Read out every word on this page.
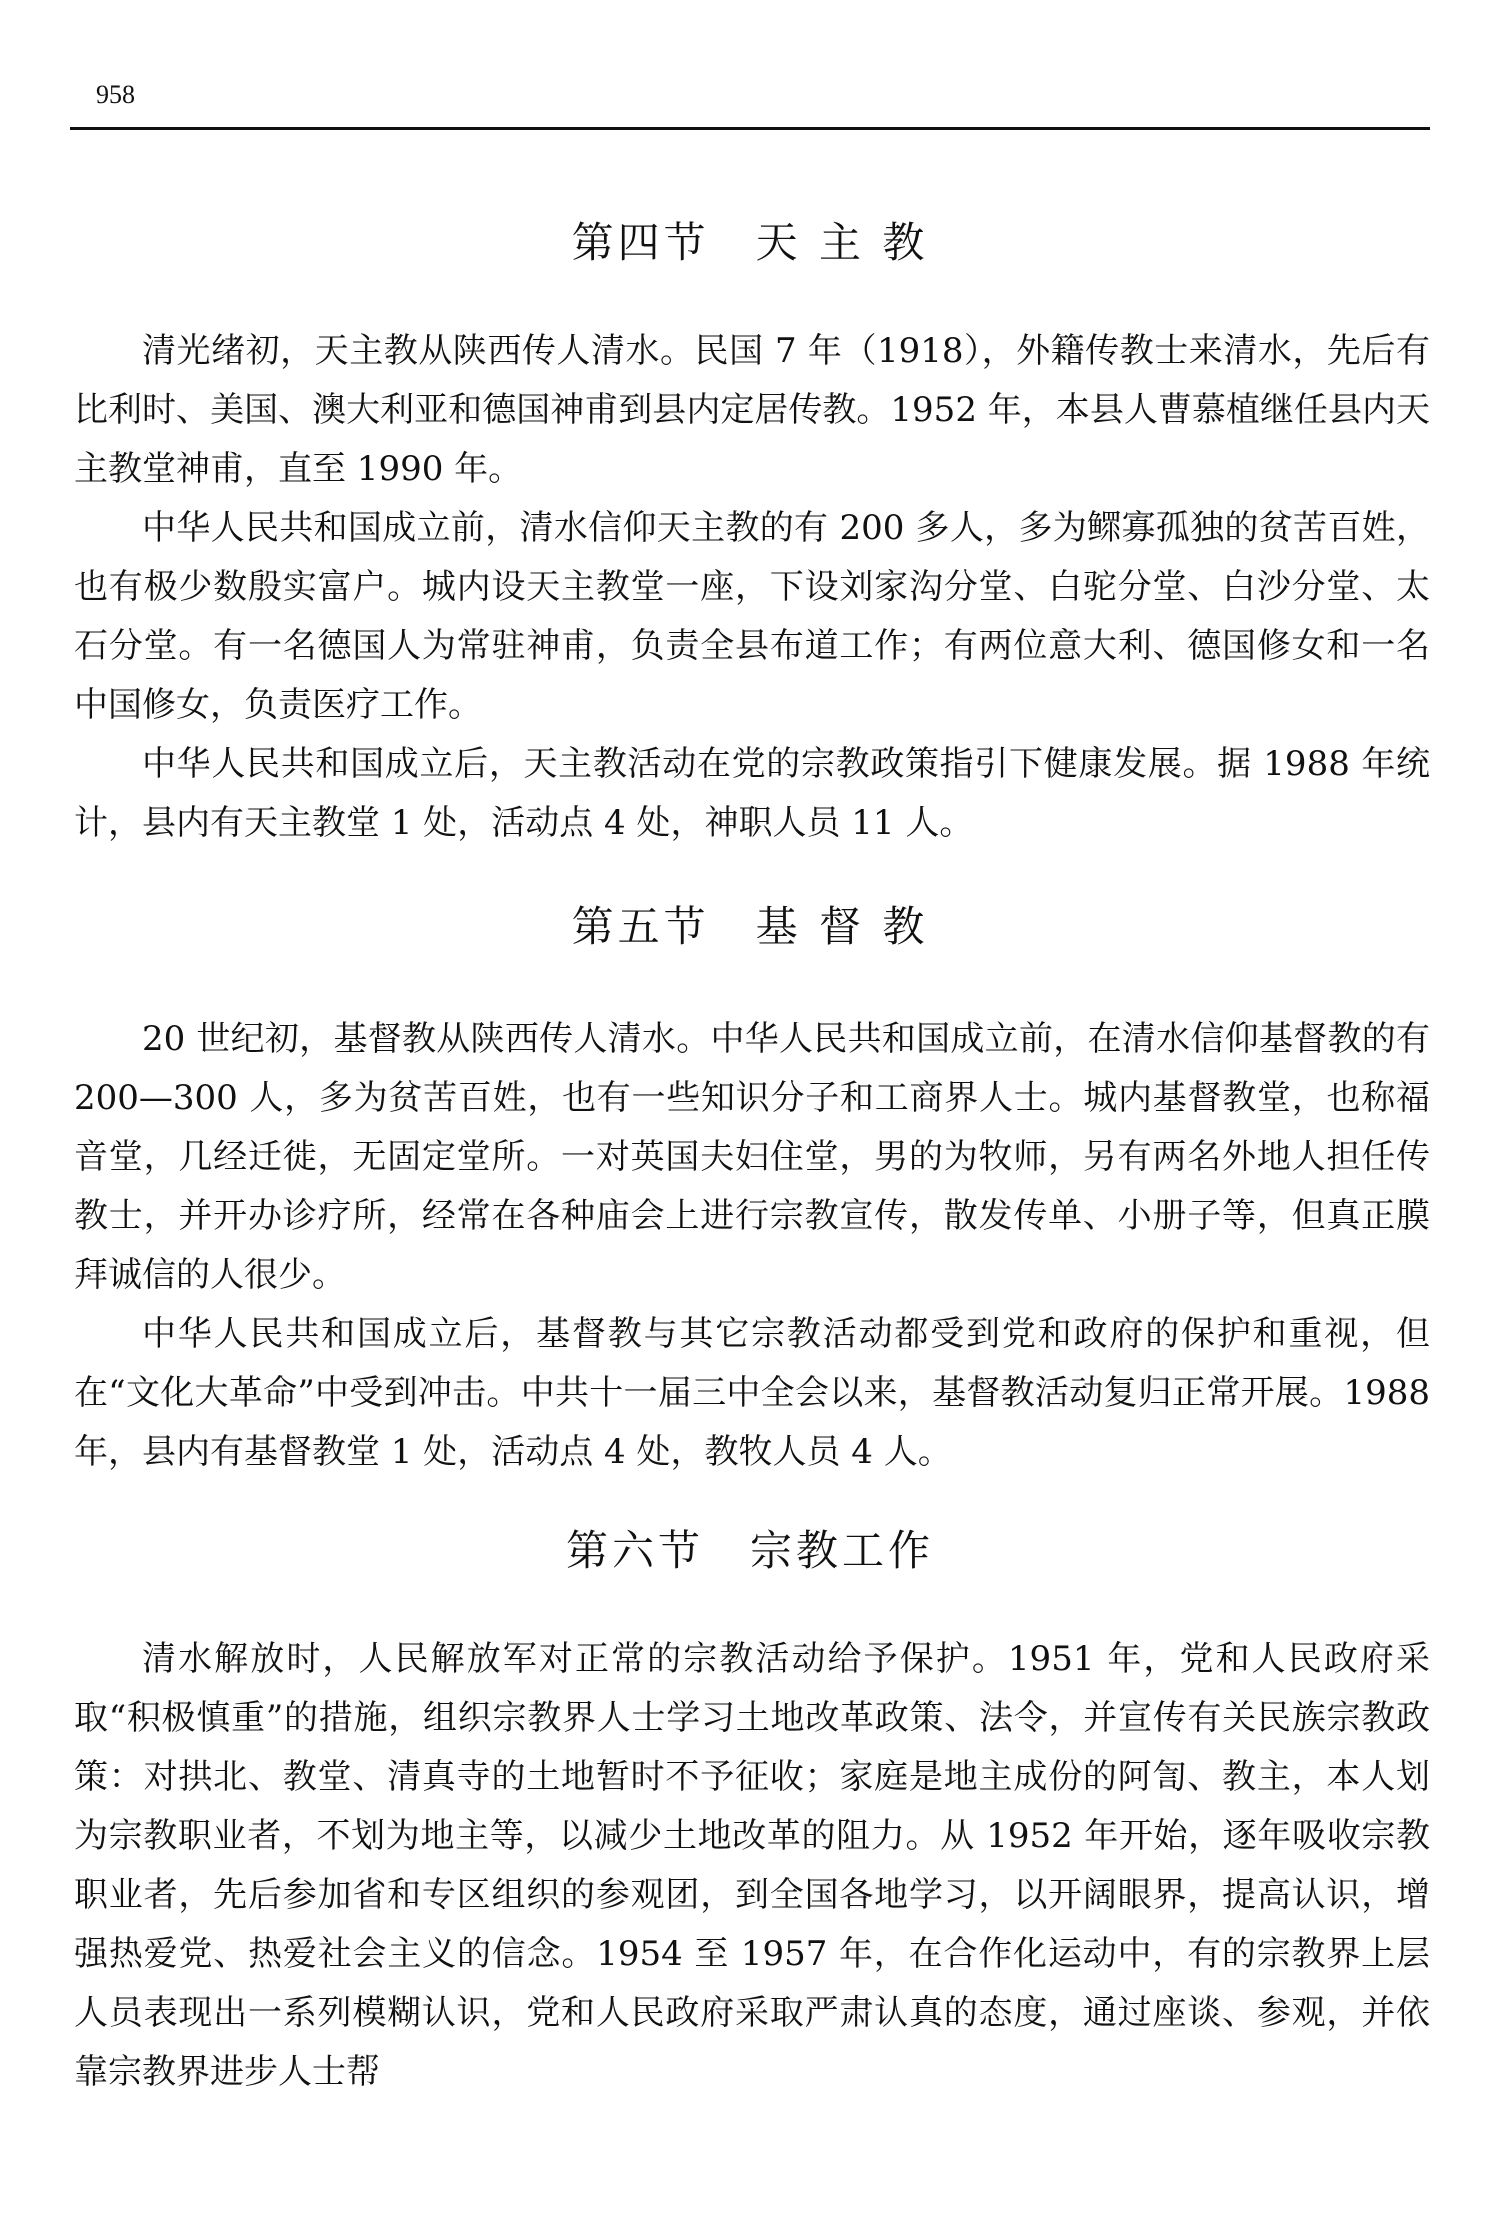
958
第四节　天 主 教

清光绪初，天主教从陕西传人清水。民国 7 年（1918），外籍传教士来清水，先后有比利时、美国、澳大利亚和德国神甫到县内定居传教。1952 年，本县人曹慕植继任县内天主教堂神甫，直至 1990 年。

中华人民共和国成立前，清水信仰天主教的有 200 多人，多为鳏寡孤独的贫苦百姓，也有极少数殷实富户。城内设天主教堂一座，下设刘家沟分堂、白驼分堂、白沙分堂、太石分堂。有一名德国人为常驻神甫，负责全县布道工作；有两位意大利、德国修女和一名中国修女，负责医疗工作。

中华人民共和国成立后，天主教活动在党的宗教政策指引下健康发展。据 1988 年统计，县内有天主教堂 1 处，活动点 4 处，神职人员 11 人。

第五节　基 督 教

20 世纪初，基督教从陕西传人清水。中华人民共和国成立前，在清水信仰基督教的有 200—300 人，多为贫苦百姓，也有一些知识分子和工商界人士。城内基督教堂，也称福音堂，几经迁徙，无固定堂所。一对英国夫妇住堂，男的为牧师，另有两名外地人担任传教士，并开办诊疗所，经常在各种庙会上进行宗教宣传，散发传单、小册子等，但真正膜拜诚信的人很少。

中华人民共和国成立后，基督教与其它宗教活动都受到党和政府的保护和重视，但在“文化大革命”中受到冲击。中共十一届三中全会以来，基督教活动复归正常开展。1988 年，县内有基督教堂 1 处，活动点 4 处，教牧人员 4 人。

第六节　宗教工作

清水解放时，人民解放军对正常的宗教活动给予保护。1951 年，党和人民政府采取“积极慎重”的措施，组织宗教界人士学习土地改革政策、法令，并宣传有关民族宗教政策：对拱北、教堂、清真寺的土地暂时不予征收；家庭是地主成份的阿訇、教主，本人划为宗教职业者，不划为地主等，以减少土地改革的阻力。从 1952 年开始，逐年吸收宗教职业者，先后参加省和专区组织的参观团，到全国各地学习，以开阔眼界，提高认识，增强热爱党、热爱社会主义的信念。1954 至 1957 年，在合作化运动中，有的宗教界上层人员表现出一系列模糊认识，党和人民政府采取严肃认真的态度，通过座谈、参观，并依靠宗教界进步人士帮
